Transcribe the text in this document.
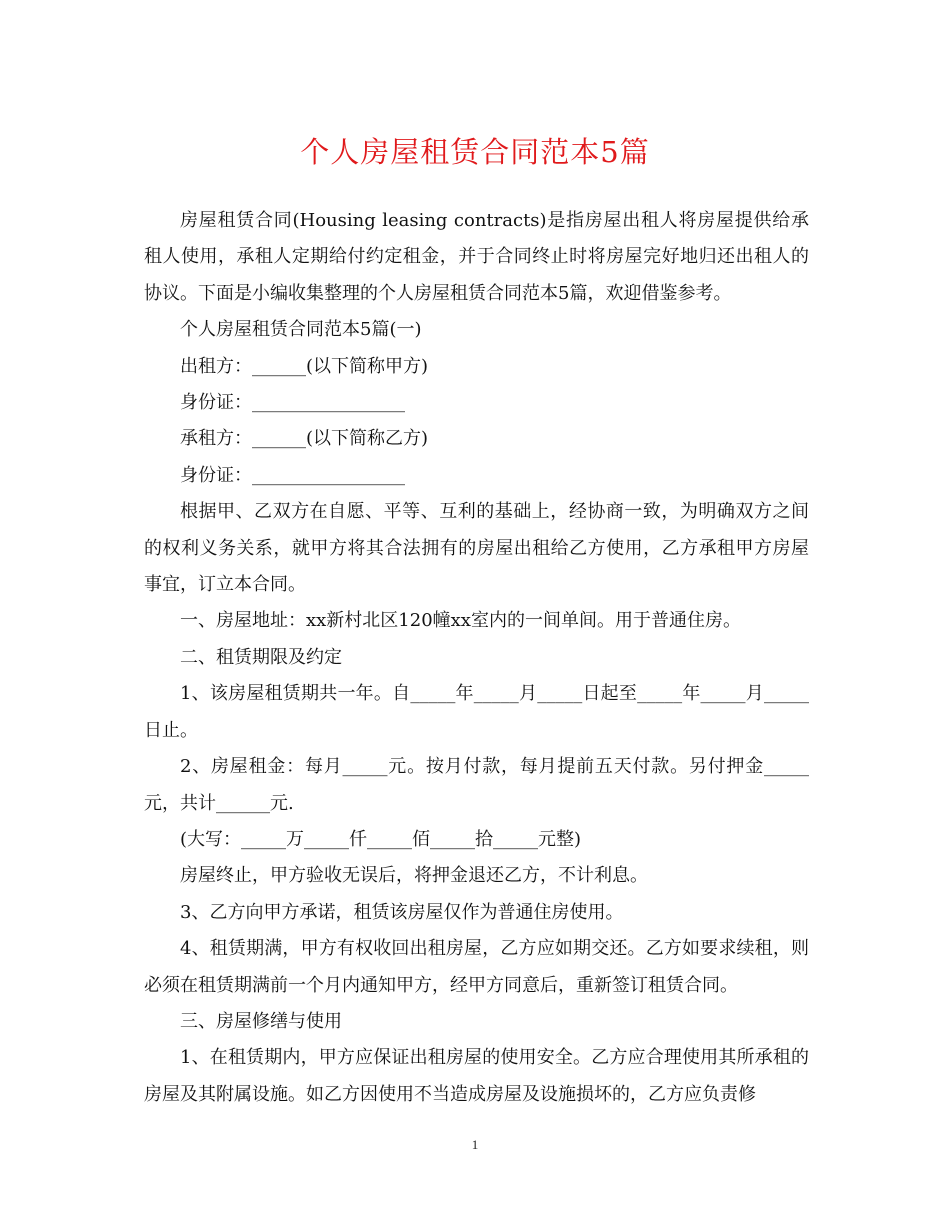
个人房屋租赁合同范本5篇

房屋租赁合同(Housing leasing contracts)是指房屋出租人将房屋提供给承租人使用，承租人定期给付约定租金，并于合同终止时将房屋完好地归还出租人的协议。下面是小编收集整理的个人房屋租赁合同范本5篇，欢迎借鉴参考。

个人房屋租赁合同范本5篇(一)

出租方：______(以下简称甲方)

身份证：_________________

承租方：______(以下简称乙方)

身份证：_________________

根据甲、乙双方在自愿、平等、互利的基础上，经协商一致，为明确双方之间的权利义务关系，就甲方将其合法拥有的房屋出租给乙方使用，乙方承租甲方房屋事宜，订立本合同。

一、房屋地址：xx新村北区120幢xx室内的一间单间。用于普通住房。

二、租赁期限及约定

1、该房屋租赁期共一年。自_____年_____月_____日起至_____年_____月_____日止。

2、房屋租金：每月_____元。按月付款，每月提前五天付款。另付押金_____元，共计______元.

(大写：_____万_____仟_____佰_____拾_____元整)

房屋终止，甲方验收无误后，将押金退还乙方，不计利息。

3、乙方向甲方承诺，租赁该房屋仅作为普通住房使用。

4、租赁期满，甲方有权收回出租房屋，乙方应如期交还。乙方如要求续租，则必须在租赁期满前一个月内通知甲方，经甲方同意后，重新签订租赁合同。

三、房屋修缮与使用

1、在租赁期内，甲方应保证出租房屋的使用安全。乙方应合理使用其所承租的房屋及其附属设施。如乙方因使用不当造成房屋及设施损坏的，乙方应负责修

1
